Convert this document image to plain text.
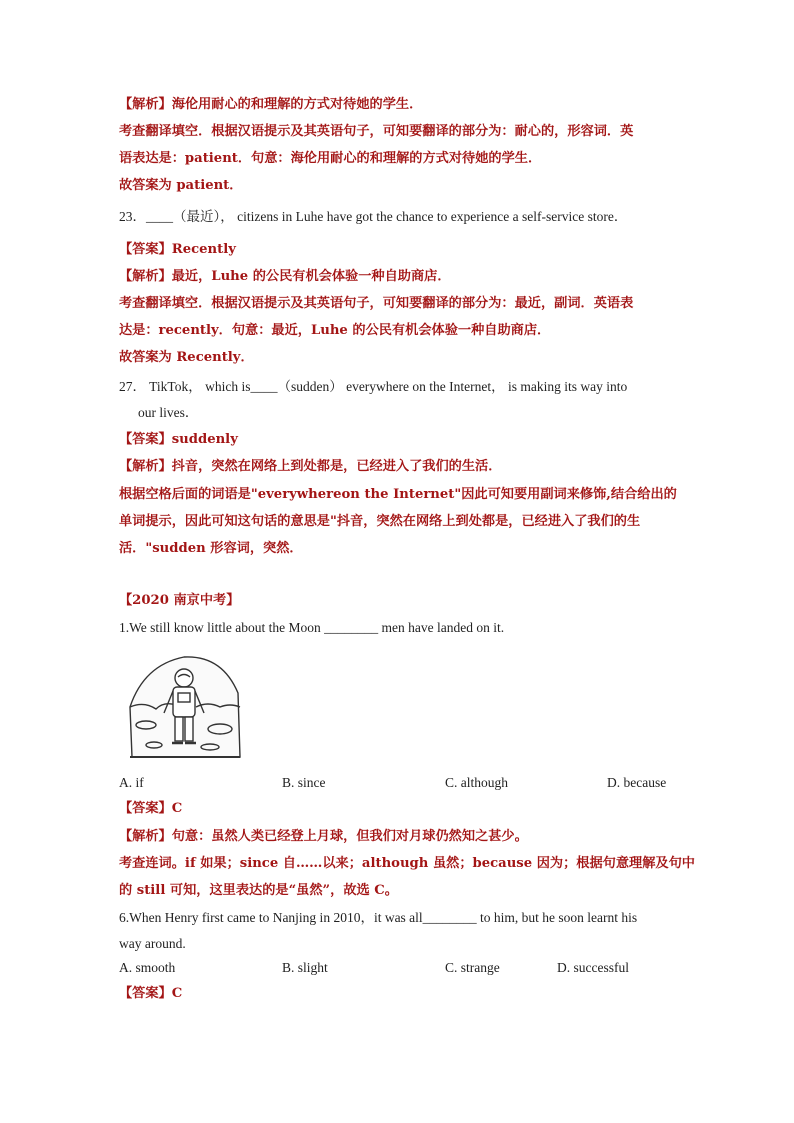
【解析】海伦用耐心的和理解的方式对待她的学生．
考查翻译填空．根据汉语提示及其英语句子，可知要翻译的部分为：耐心的，形容词．英
语表达是：patient．句意：海伦用耐心的和理解的方式对待她的学生．
故答案为 patient．
23．____（最近）， citizens in Luhe have got the chance to experience a self-service store．
【答案】Recently
【解析】最近，Luhe 的公民有机会体验一种自助商店．
考查翻译填空．根据汉语提示及其英语句子，可知要翻译的部分为：最近，副词．英语表
达是：recently．句意：最近，Luhe 的公民有机会体验一种自助商店．
故答案为 Recently．
27． TikTok， which is____（sudden） everywhere on the Internet， is making its way into
our lives．
【答案】suddenly
【解析】抖音，突然在网络上到处都是，已经进入了我们的生活．
根据空格后面的词语是"everywhereon the Internet"因此可知要用副词来修饰,结合给出的
单词提示，因此可知这句话的意思是"抖音，突然在网络上到处都是，已经进入了我们的生
活．"sudden 形容词，突然．
【2020 南京中考】
1.We still know little about the Moon ________ men have landed on it.
A. if	B. since	C. although	D. because
【答案】C
【解析】句意：虽然人类已经登上月球，但我们对月球仍然知之甚少。
考查连词。if 如果；since 自……以来；although 虽然；because 因为；根据句意理解及句中
的 still 可知，这里表达的是“虽然”，故选 C。
6.When Henry first came to Nanjing in 2010，it was all________ to him, but he soon learnt his
way around.
A. smooth	B. slight	C. strange	D. successful
【答案】C
